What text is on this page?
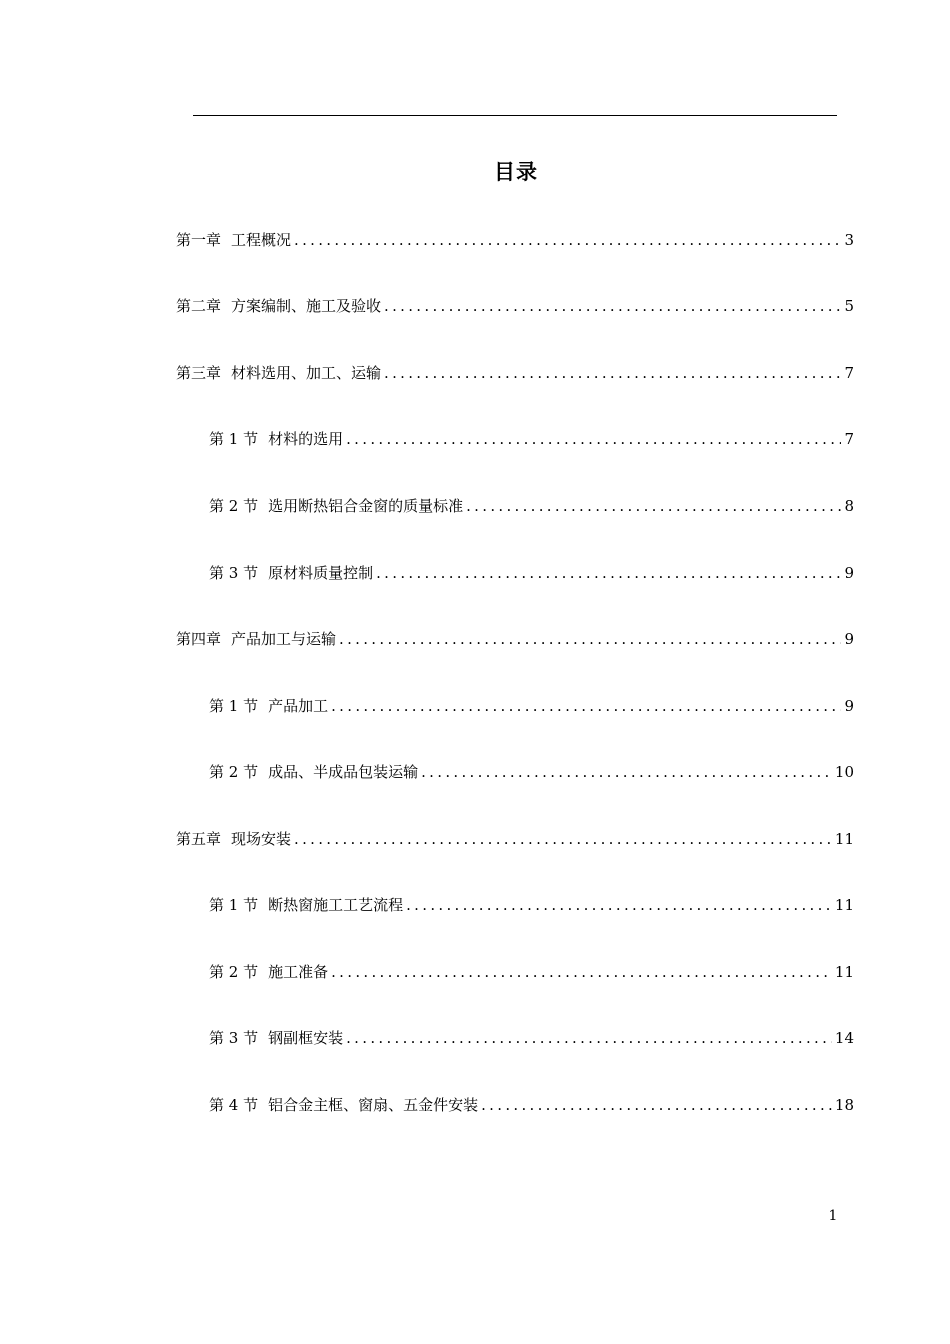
目录
第一章 工程概况 .....	3
第二章 方案编制、施工及验收 .....	5
第三章 材料选用、加工、运输 .....	7
第 1 节 材料的选用 .....	7
第 2 节 选用断热铝合金窗的质量标准 .....	8
第 3 节 原材料质量控制 .....	9
第四章 产品加工与运输 .....	9
第 1 节 产品加工 .....	9
第 2 节 成品、半成品包装运输 .....	10
第五章 现场安装 .....	11
第 1 节 断热窗施工工艺流程 .....	11
第 2 节 施工准备 .....	11
第 3 节 钢副框安装 .....	14
第 4 节 铝合金主框、窗扇、五金件安装 .....	18
1
